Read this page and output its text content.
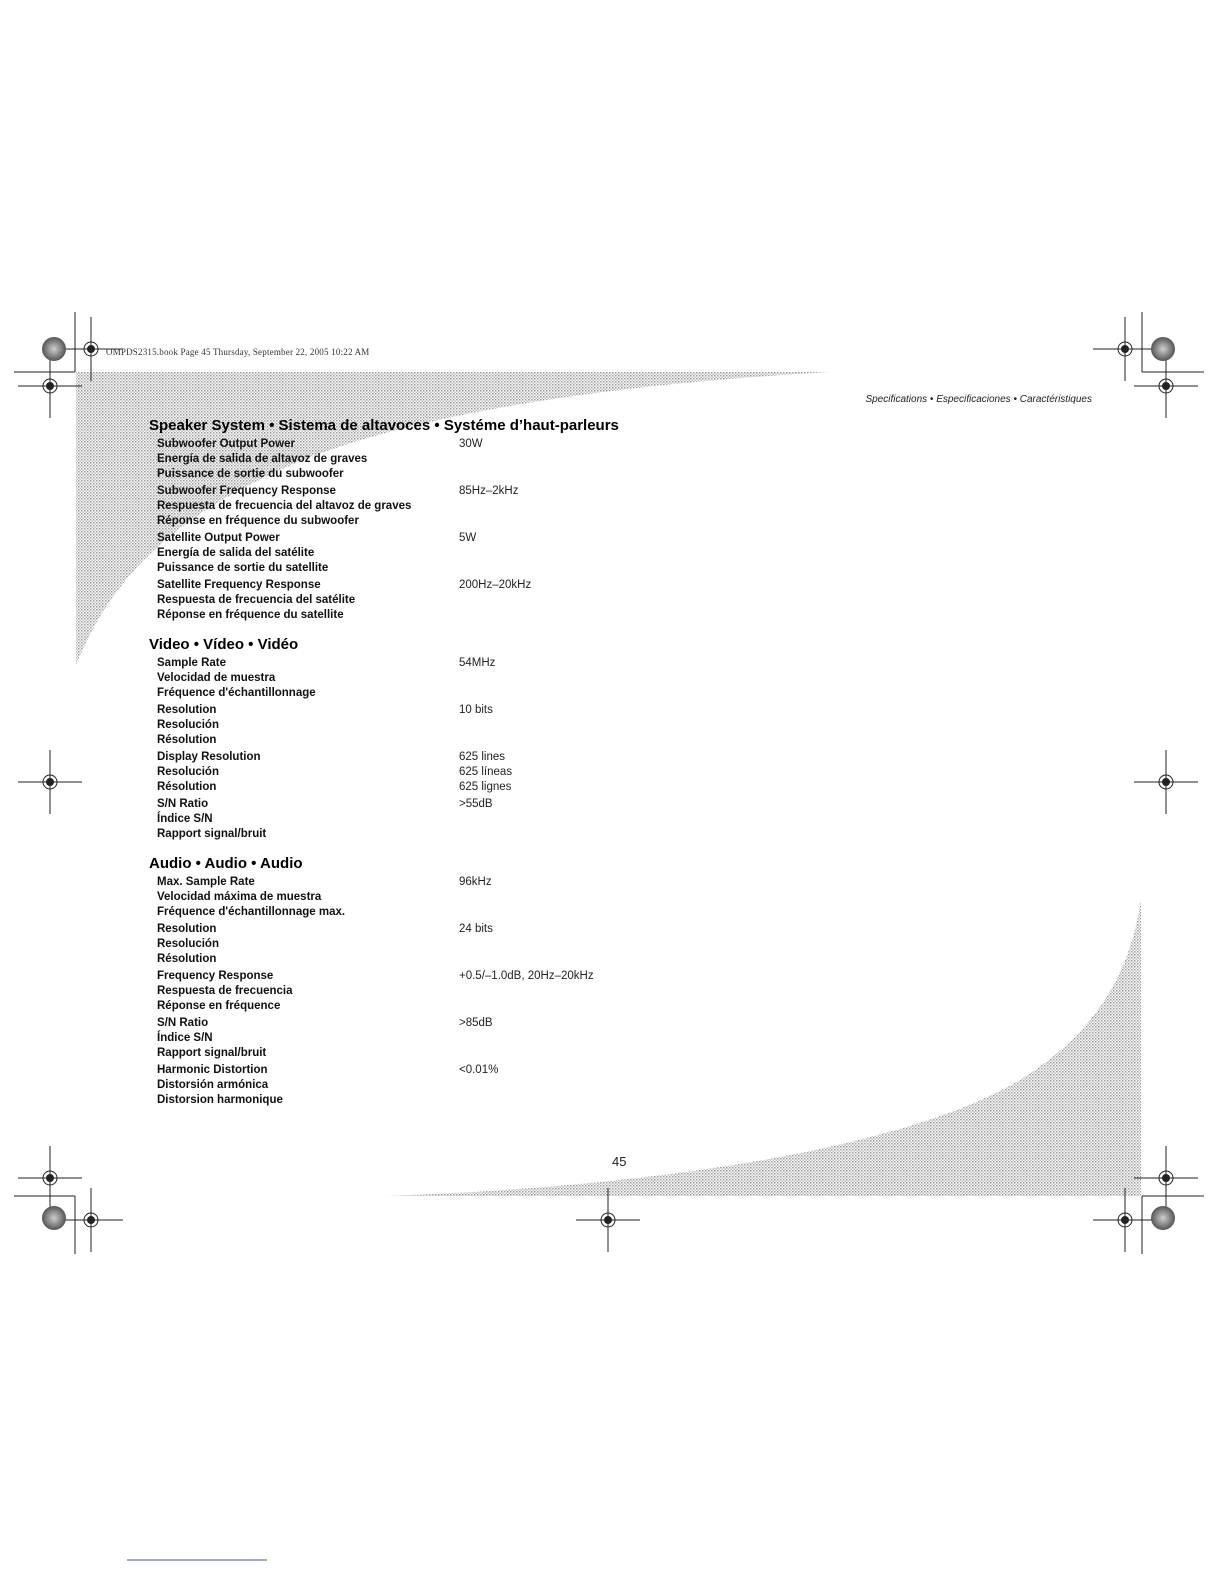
OMPDS2315.book Page 45 Thursday, September 22, 2005 10:22 AM
Specifications • Especificaciones • Caractéristiques
Speaker System • Sistema de altavoces • Systéme d’haut-parleurs
Subwoofer Output Power
Energía de salida de altavoz de graves
Puissance de sortie du subwoofer
30W
Subwoofer Frequency Response
Respuesta de frecuencia del altavoz de graves
Réponse en fréquence du subwoofer
85Hz–2kHz
Satellite Output Power
Energía de salida del satélite
Puissance de sortie du satellite
5W
Satellite Frequency Response
Respuesta de frecuencia del satélite
Réponse en fréquence du satellite
200Hz–20kHz
Video • Vídeo • Vidéo
Sample Rate
Velocidad de muestra
Fréquence d'échantillonnage
54MHz
Resolution
Resolución
Résolution
10 bits
Display Resolution
Resolución
Résolution
625 lines
625 líneas
625 lignes
S/N Ratio
Índice S/N
Rapport signal/bruit
>55dB
Audio • Audio • Audio
Max. Sample Rate
Velocidad máxima de muestra
Fréquence d'échantillonnage max.
96kHz
Resolution
Resolución
Résolution
24 bits
Frequency Response
Respuesta de frecuencia
Réponse en fréquence
+0.5/–1.0dB, 20Hz–20kHz
S/N Ratio
Índice S/N
Rapport signal/bruit
>85dB
Harmonic Distortion
Distorsión armónica
Distorsion harmonique
<0.01%
45
